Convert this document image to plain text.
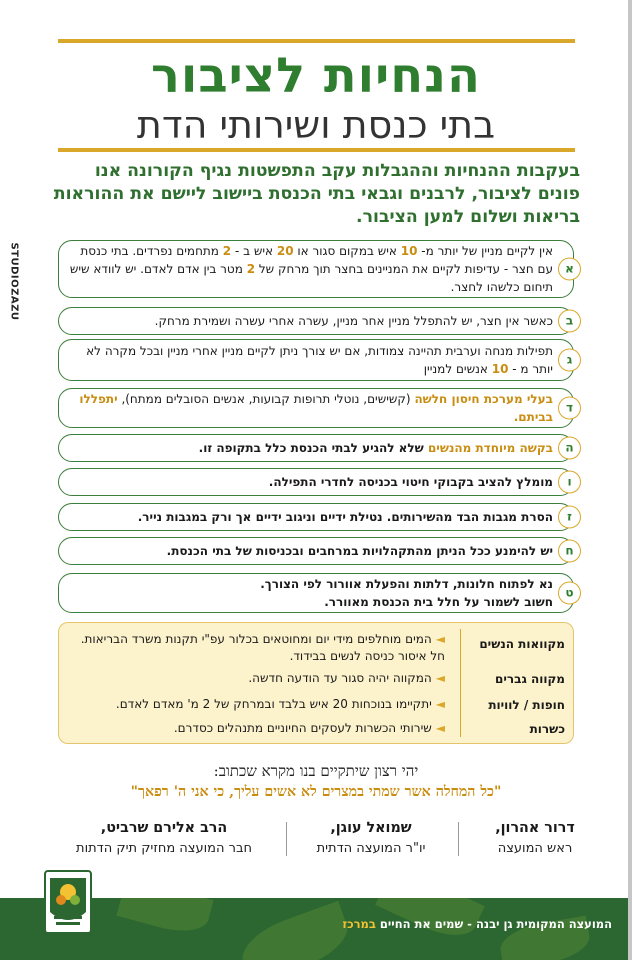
הנחיות לציבור
בתי כנסת ושירותי הדת
בעקבות ההנחיות וההגבלות עקב התפשטות נגיף הקורונה אנו פונים לציבור, לרבנים וגבאי בתי הכנסת ביישוב ליישם את ההוראות בריאות ושלום למען הציבור.
STUDIOZAZU	א
אין לקיים מניין של יותר מ- 10 איש במקום סגור או 20 איש ב - 2 מתחמים נפרדים. בתי כנסת עם חצר - עדיפות לקיים את המניינים בחצר תוך מרחק של 2 מטר בין אדם לאדם. יש לוודא שיש תיחום כלשהו לחצר.
ב
כאשר אין חצר, יש להתפלל מניין אחר מניין, עשרה אחרי עשרה ושמירת מרחק.
ג
תפילות מנחה וערבית תהיינה צמודות, אם יש צורך ניתן לקיים מניין אחרי מניין ובכל מקרה לא יותר מ - 10 אנשים למניין
ד
בעלי מערכת חיסון חלשה (קשישים, נוטלי תרופות קבועות, אנשים הסובלים ממתח), יתפללו בביתם.
ה
בקשה מיוחדת מהנשים שלא להגיע לבתי הכנסת כלל בתקופה זו.
ו
מומלץ להציב בקבוקי חיטוי בכניסה לחדרי התפילה.
ז
הסרת מגבות הבד מהשירותים. נטילת ידיים וניגוב ידיים אך ורק במגבות נייר.
ח
יש להימנע ככל הניתן מהתקהלויות במרחבים ובכניסות של בתי הכנסת.
ט
נא לפתוח חלונות, דלתות והפעלת אוורור לפי הצורך.
חשוב לשמור על חלל בית הכנסת מאוורר.
מקוואות הנשים
◄המים מוחלפים מידי יום ומחוטאים בכלור עפ"י תקנות משרד הבריאות. חל איסור כניסה לנשים בבידוד.
מקווה גברים
◄המקווה יהיה סגור עד הודעה חדשה.
חופות / לוויות
◄יתקיימו בנוכחות 20 איש בלבד ובמרחק של 2 מ' מאדם לאדם.
כשרות
◄שירותי הכשרות לעסקים החיוניים מתנהלים כסדרם.
יהי רצון שיתקיים בנו מקרא שכתוב:
"כל המחלה אשר שמתי במצרים לא אשים עליך, כי אני ה' רפאך"
דרור אהרון,
ראש המועצה
שמואל עוגן,
יו"ר המועצה הדתית
הרב אלירם שרביט,
חבר המועצה מחזיק תיק הדתות
המועצה המקומית גן יבנה - שמים את החיים במרכז
